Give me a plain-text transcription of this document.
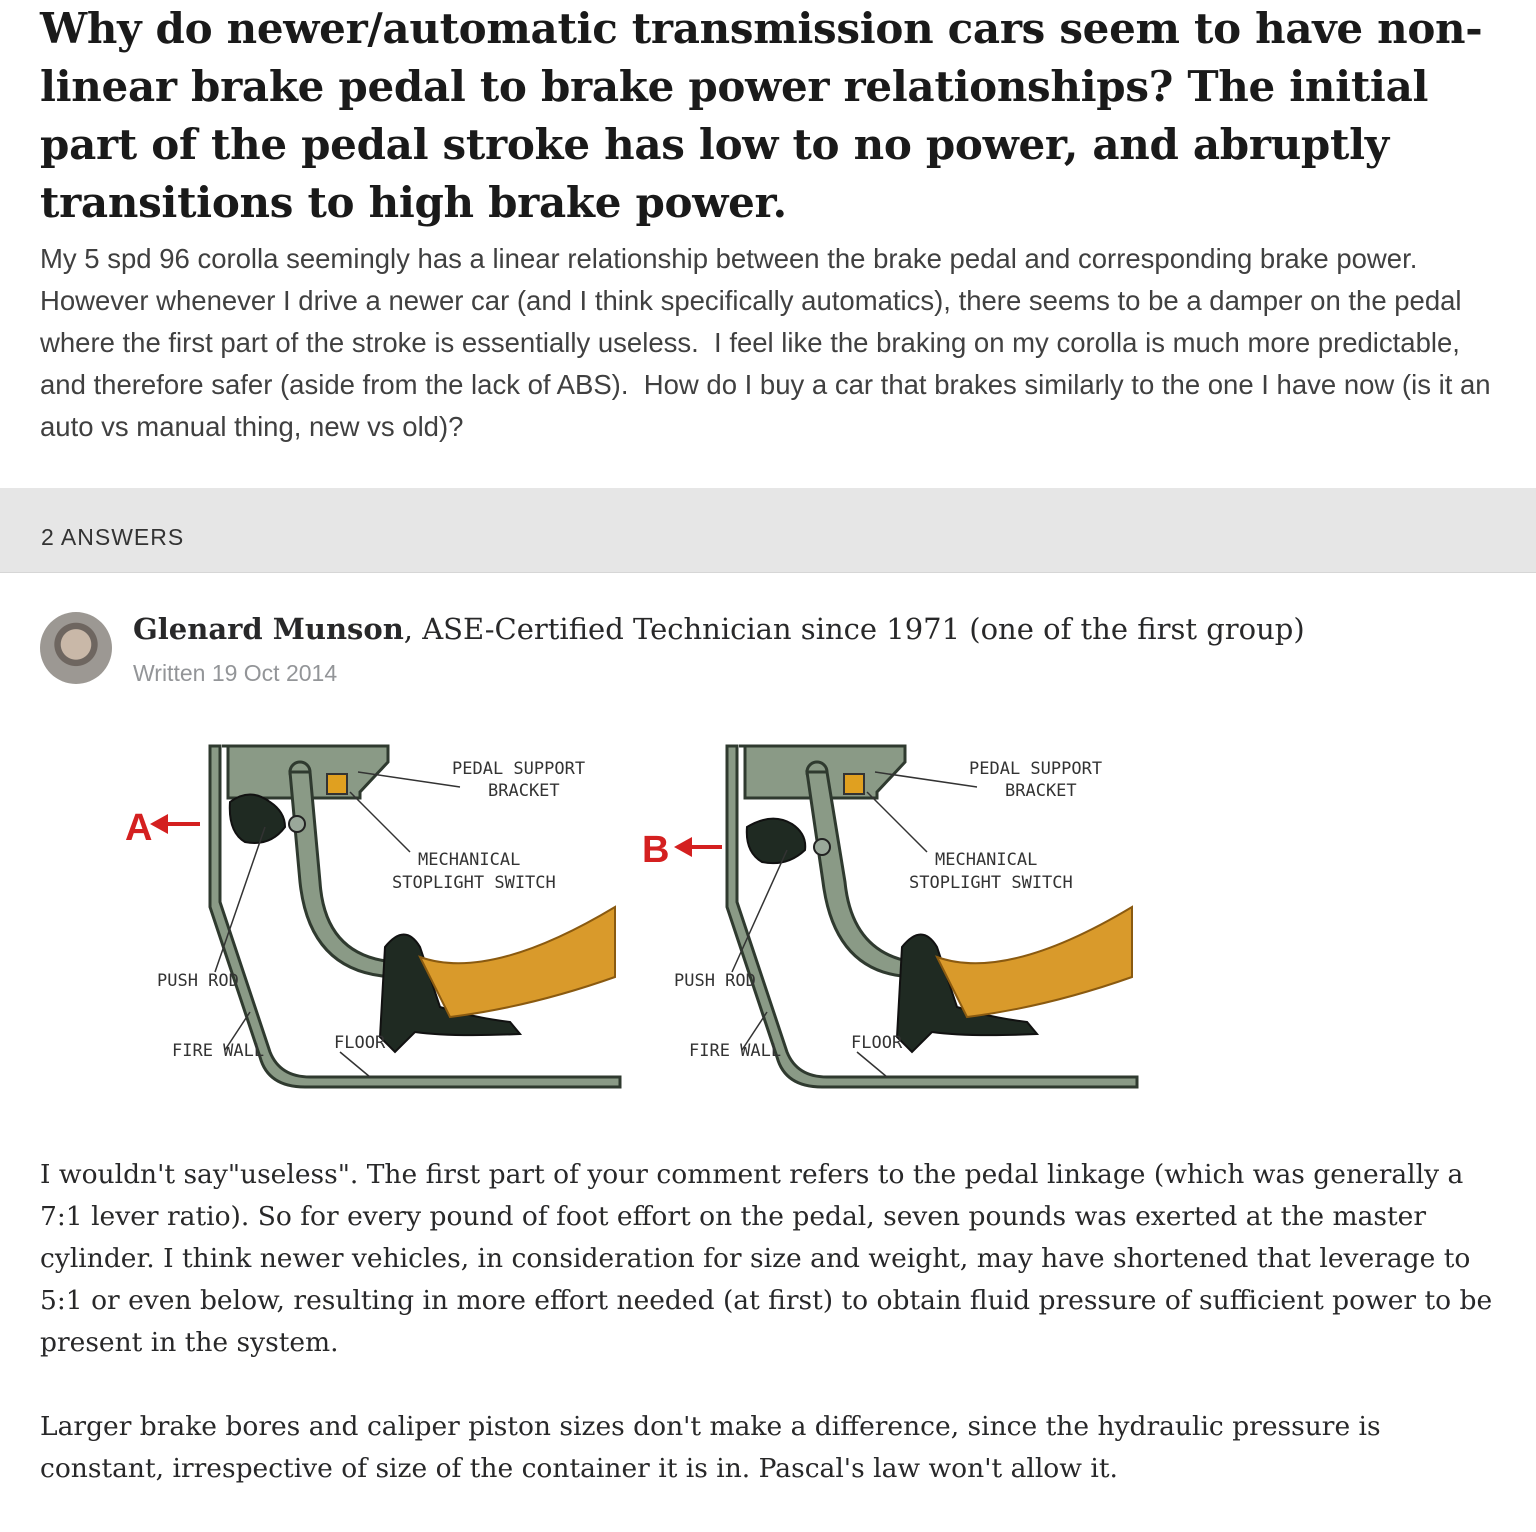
Why do newer/automatic transmission cars seem to have non-linear brake pedal to brake power relationships? The initial part of the pedal stroke has low to no power, and abruptly transitions to high brake power.

My 5 spd 96 corolla seemingly has a linear relationship between the brake pedal and corresponding brake power.  However whenever I drive a newer car (and I think specifically automatics), there seems to be a damper on the pedal where the first part of the stroke is essentially useless.  I feel like the braking on my corolla is much more predictable, and therefore safer (aside from the lack of ABS).  How do I buy a car that brakes similarly to the one I have now (is it an auto vs manual thing, new vs old)?

2 ANSWERS
Glenard Munson, ASE-Certified Technician since 1971 (one of the first group)
Written 19 Oct 2014
A
PEDAL SUPPORT
BRACKET
MECHANICAL
STOPLIGHT SWITCH
PUSH ROD
FIRE WALL	FLOOR
B
PEDAL SUPPORT
BRACKET
MECHANICAL
STOPLIGHT SWITCH
PUSH ROD
FIRE WALL	FLOOR

I wouldn't say"useless". The first part of your comment refers to the pedal linkage (which was generally a 7:1 lever ratio). So for every pound of foot effort on the pedal, seven pounds was exerted at the master cylinder. I think newer vehicles, in consideration for size and weight, may have shortened that leverage to 5:1 or even below, resulting in more effort needed (at first) to obtain fluid pressure of sufficient power to be present in the system.

Larger brake bores and caliper piston sizes don't make a difference, since the hydraulic pressure is constant, irrespective of size of the container it is in. Pascal's law won't allow it.
